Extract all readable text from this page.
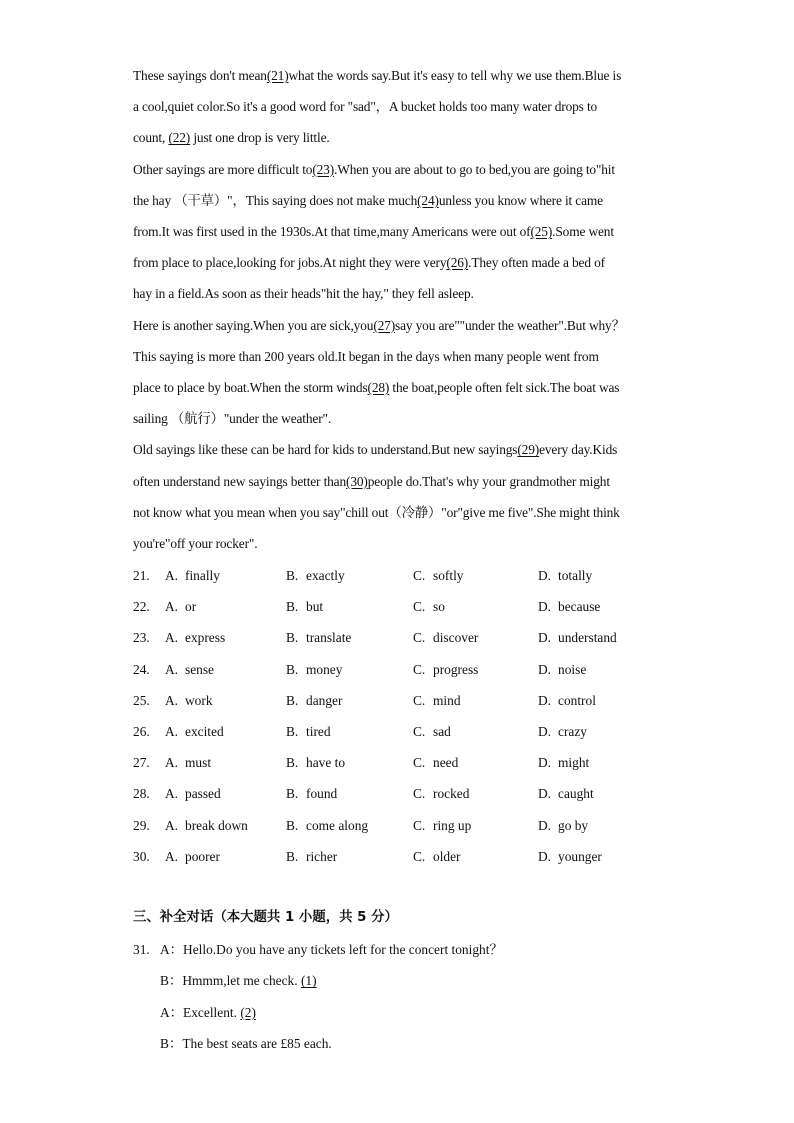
These sayings don't mean(21)what the words say.But it's easy to tell why we use them.Blue is
a cool,quiet color.So it's a good word for "sad"，A bucket holds too many water drops to
count, (22) just one drop is very little.
Other sayings are more difficult to(23).When you are about to go to bed,you are going to"hit
the hay （干草）"，This saying does not make much(24)unless you know where it came
from.It was first used in the 1930s.At that time,many Americans were out of(25).Some went
from place to place,looking for jobs.At night they were very(26).They often made a bed of
hay in a field.As soon as their heads"hit the hay," they fell asleep.
Here is another saying.When you are sick,you(27)say you are""under the weather".But why？
This saying is more than 200 years old.It began in the days when many people went from
place to place by boat.When the storm winds(28) the boat,people often felt sick.The boat was
sailing （航行）"under the weather".
Old sayings like these can be hard for kids to understand.But new sayings(29)every day.Kids
often understand new sayings better than(30)people do.That's why your grandmother might
not know what you mean when you say"chill out（冷静）"or"give me five".She might think
you're"off your rocker".
21. A. finally	B. exactly	C. softly	D. totally
22. A. or	B. but	C. so	D. because
23. A. express	B. translate	C. discover	D. understand
24. A. sense	B. money	C. progress	D. noise
25. A. work	B. danger	C. mind	D. control
26. A. excited	B. tired	C. sad	D. crazy
27. A. must	B. have to	C. need	D. might
28. A. passed	B. found	C. rocked	D. caught
29. A. break down	B. come along	C. ring up	D. go by
30. A. poorer	B. richer	C. older	D. younger
三、补全对话（本大题共 1 小题，共 5 分）
31. A：Hello.Do you have any tickets left for the concert tonight？
B：Hmmm,let me check. (1)
A：Excellent. (2)
B：The best seats are £85 each.
